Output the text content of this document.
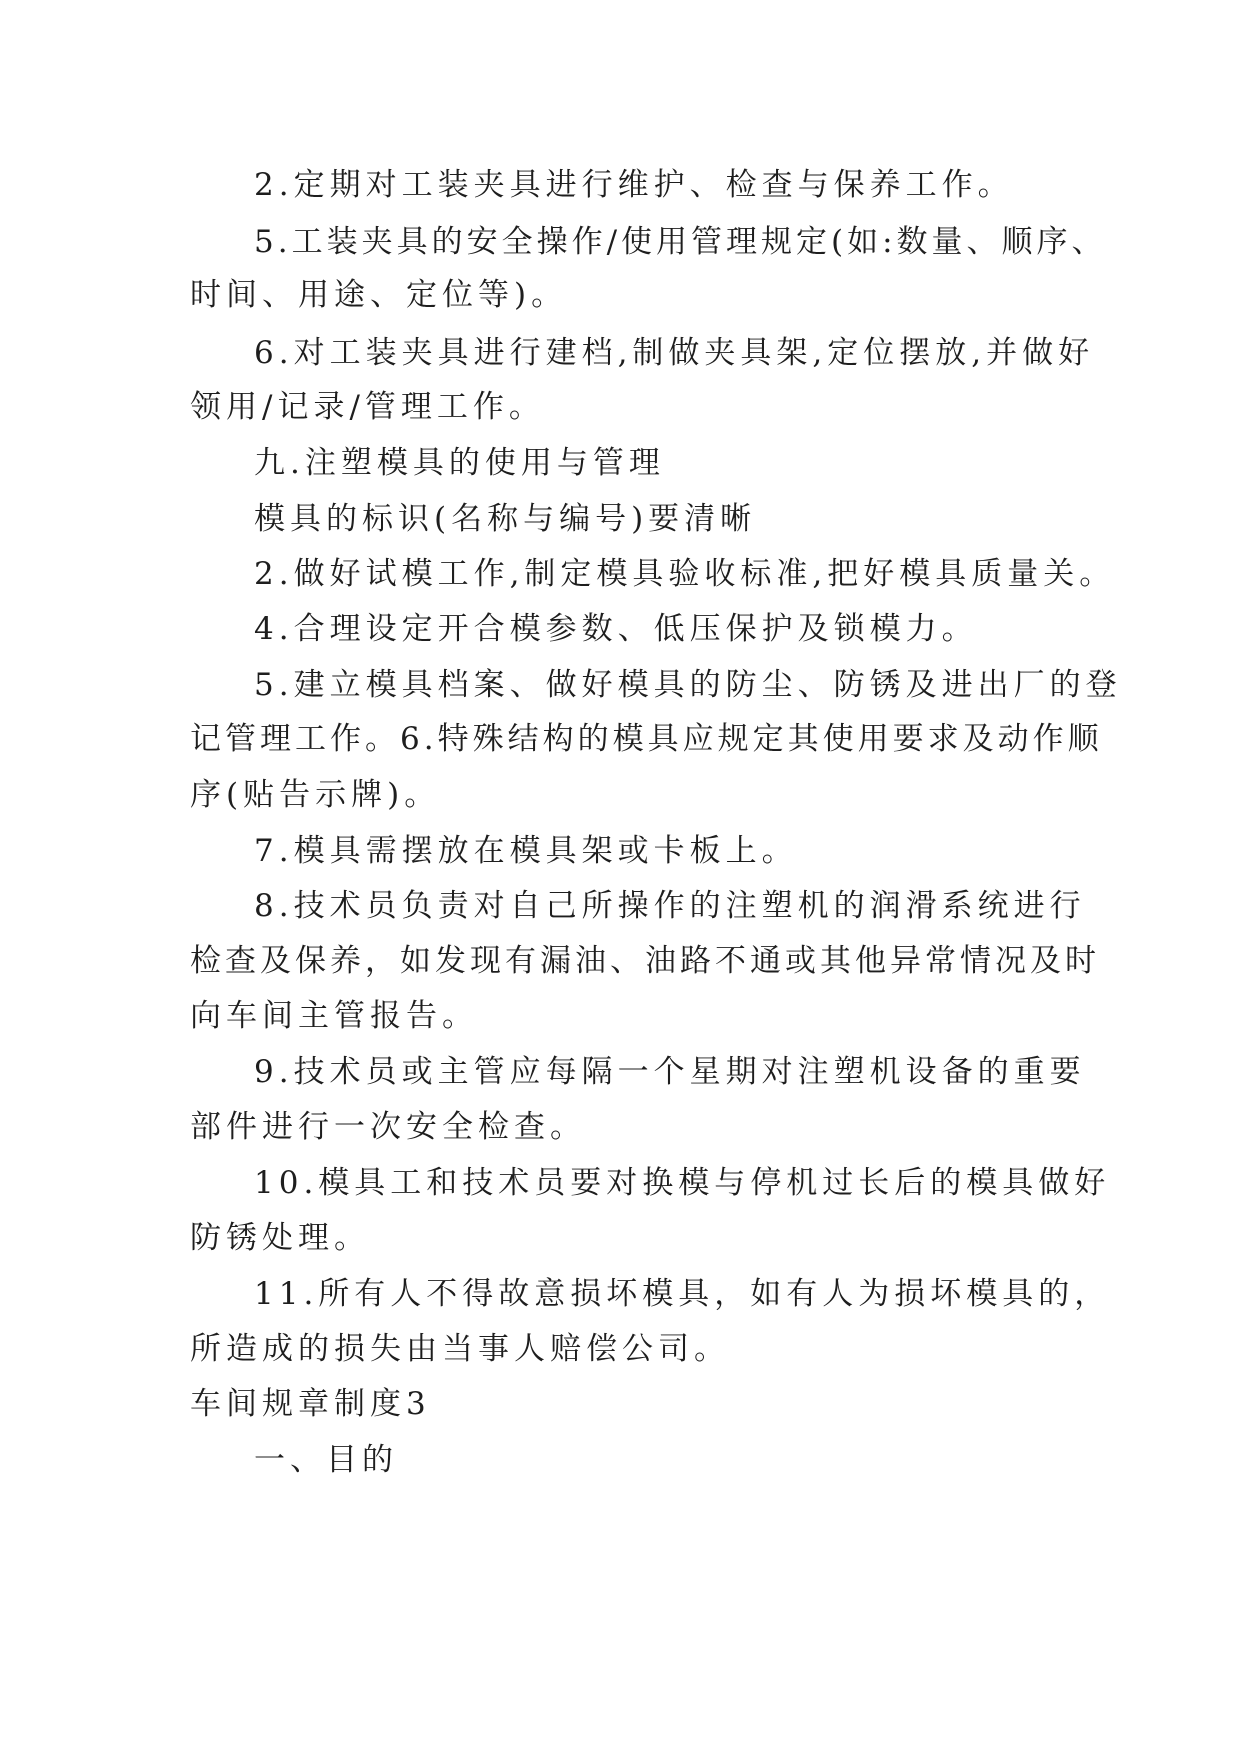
2.定期对工装夹具进行维护、检查与保养工作。
5.工装夹具的安全操作/使用管理规定(如:数量、顺序、
时间、用途、定位等)。
6.对工装夹具进行建档,制做夹具架,定位摆放,并做好
领用/记录/管理工作。
九.注塑模具的使用与管理
模具的标识(名称与编号)要清晰
2.做好试模工作,制定模具验收标准,把好模具质量关。
4.合理设定开合模参数、低压保护及锁模力。
5.建立模具档案、做好模具的防尘、防锈及进出厂的登
记管理工作。6.特殊结构的模具应规定其使用要求及动作顺
序(贴告示牌)。
7.模具需摆放在模具架或卡板上。
8.技术员负责对自己所操作的注塑机的润滑系统进行
检查及保养，如发现有漏油、油路不通或其他异常情况及时
向车间主管报告。
9.技术员或主管应每隔一个星期对注塑机设备的重要
部件进行一次安全检查。
10.模具工和技术员要对换模与停机过长后的模具做好
防锈处理。
11.所有人不得故意损坏模具，如有人为损坏模具的，
所造成的损失由当事人赔偿公司。
车间规章制度3
一、目的
